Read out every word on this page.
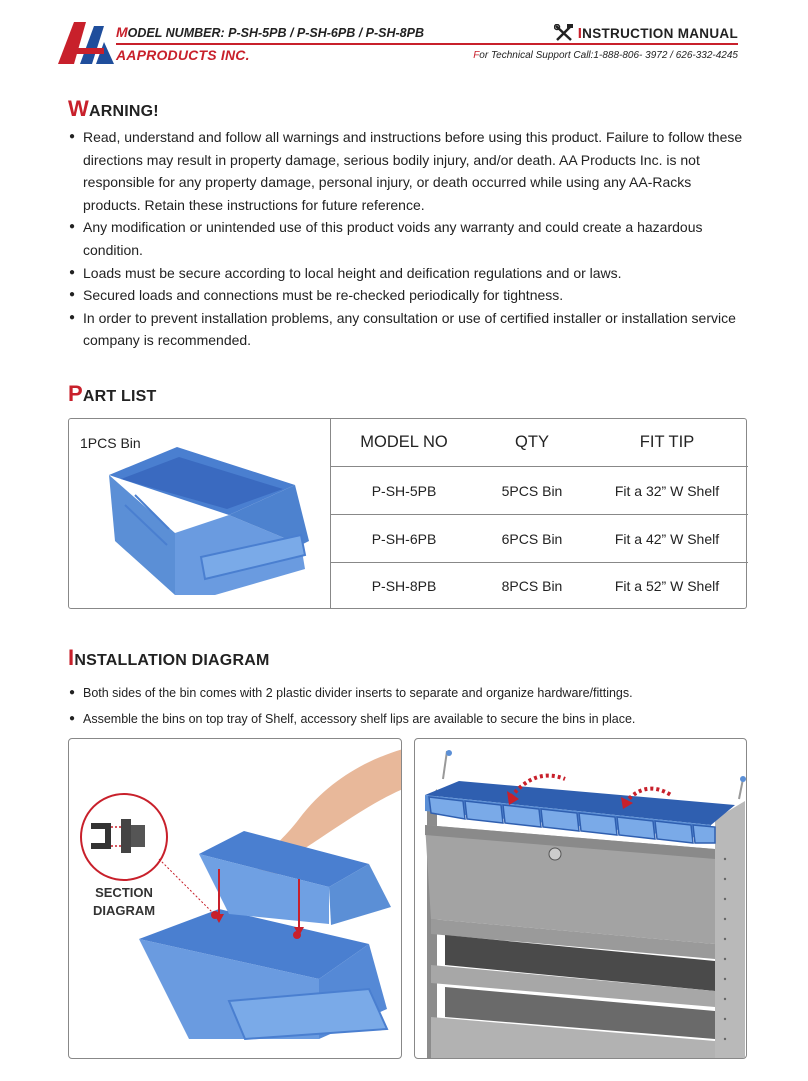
MODEL NUMBER: P-SH-5PB / P-SH-6PB / P-SH-8PB
AAPRODUCTS INC.
INSTRUCTION MANUAL
For Technical Support Call:1-888-806- 3972 / 626-332-4245
WARNING!
● Read, understand and follow all warnings and instructions before using this product. Failure to follow these directions may result in property damage, serious bodily injury, and/or death. AA Products Inc. is not responsible for any property damage, personal injury, or death occurred while using any AA-Racks products. Retain these instructions for future reference.
● Any modification or unintended use of this product voids any warranty and could create a hazardous condition.
● Loads must be secure according to local height and deification regulations and or laws.
● Secured loads and connections must be re-checked periodically for tightness.
● In order to prevent installation problems, any consultation or use of certified installer or installation service company is recommended.
PART LIST
1PCS Bin	MODEL NO	QTY	FIT TIP
P-SH-5PB	5PCS Bin	Fit a 32” W Shelf
P-SH-6PB	6PCS Bin	Fit a 42” W Shelf
P-SH-8PB	8PCS Bin	Fit a 52” W Shelf
INSTALLATION DIAGRAM
● Both sides of the bin comes with 2 plastic divider inserts to separate and organize hardware/fittings.
● Assemble the bins on top tray of Shelf, accessory shelf lips are available to secure the bins in place.
SECTION
DIAGRAM
